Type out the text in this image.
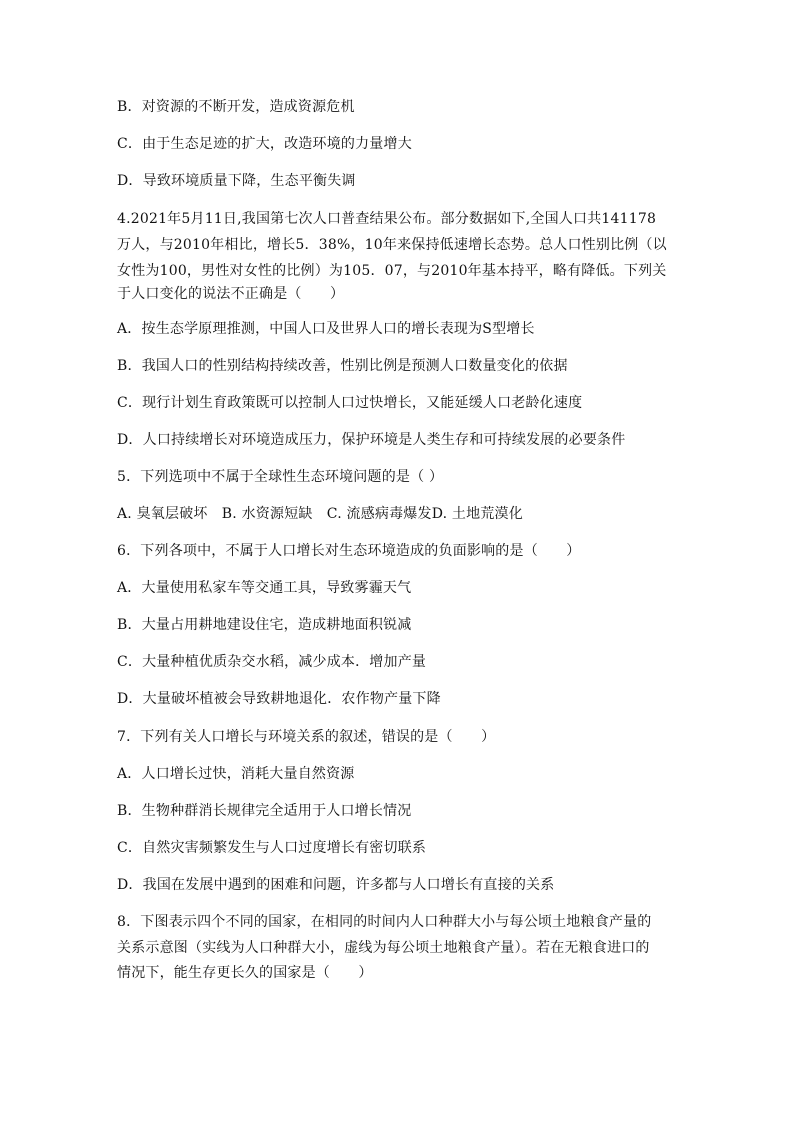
B．对资源的不断开发，造成资源危机
C．由于生态足迹的扩大，改造环境的力量增大
D．导致环境质量下降，生态平衡失调
4.2021年5月11日,我国第七次人口普查结果公布。部分数据如下,全国人口共141178
万人，与2010年相比，增长5．38%，10年来保持低速增长态势。总人口性别比例（以
女性为100，男性对女性的比例）为105．07，与2010年基本持平，略有降低。下列关
于人口变化的说法不正确是（　　）
A．按生态学原理推测，中国人口及世界人口的增长表现为S型增长
B．我国人口的性别结构持续改善，性别比例是预测人口数量变化的依据
C．现行计划生育政策既可以控制人口过快增长，又能延缓人口老龄化速度
D．人口持续增长对环境造成压力，保护环境是人类生存和可持续发展的必要条件
5．下列选项中不属于全球性生态环境问题的是（ ）
A. 臭氧层破坏　B. 水资源短缺　C. 流感病毒爆发D. 土地荒漠化
6．下列各项中，不属于人口增长对生态环境造成的负面影响的是（　　）
A．大量使用私家车等交通工具，导致雾霾天气
B．大量占用耕地建设住宅，造成耕地面积锐减
C．大量种植优质杂交水稻，减少成本．增加产量
D．大量破坏植被会导致耕地退化．农作物产量下降
7．下列有关人口增长与环境关系的叙述，错误的是（　　）
A．人口增长过快，消耗大量自然资源
B．生物种群消长规律完全适用于人口增长情况
C．自然灾害频繁发生与人口过度增长有密切联系
D．我国在发展中遇到的困难和问题，许多都与人口增长有直接的关系
8．下图表示四个不同的国家，在相同的时间内人口种群大小与每公顷土地粮食产量的
关系示意图（实线为人口种群大小，虚线为每公顷土地粮食产量）。若在无粮食进口的
情况下，能生存更长久的国家是（　　）
